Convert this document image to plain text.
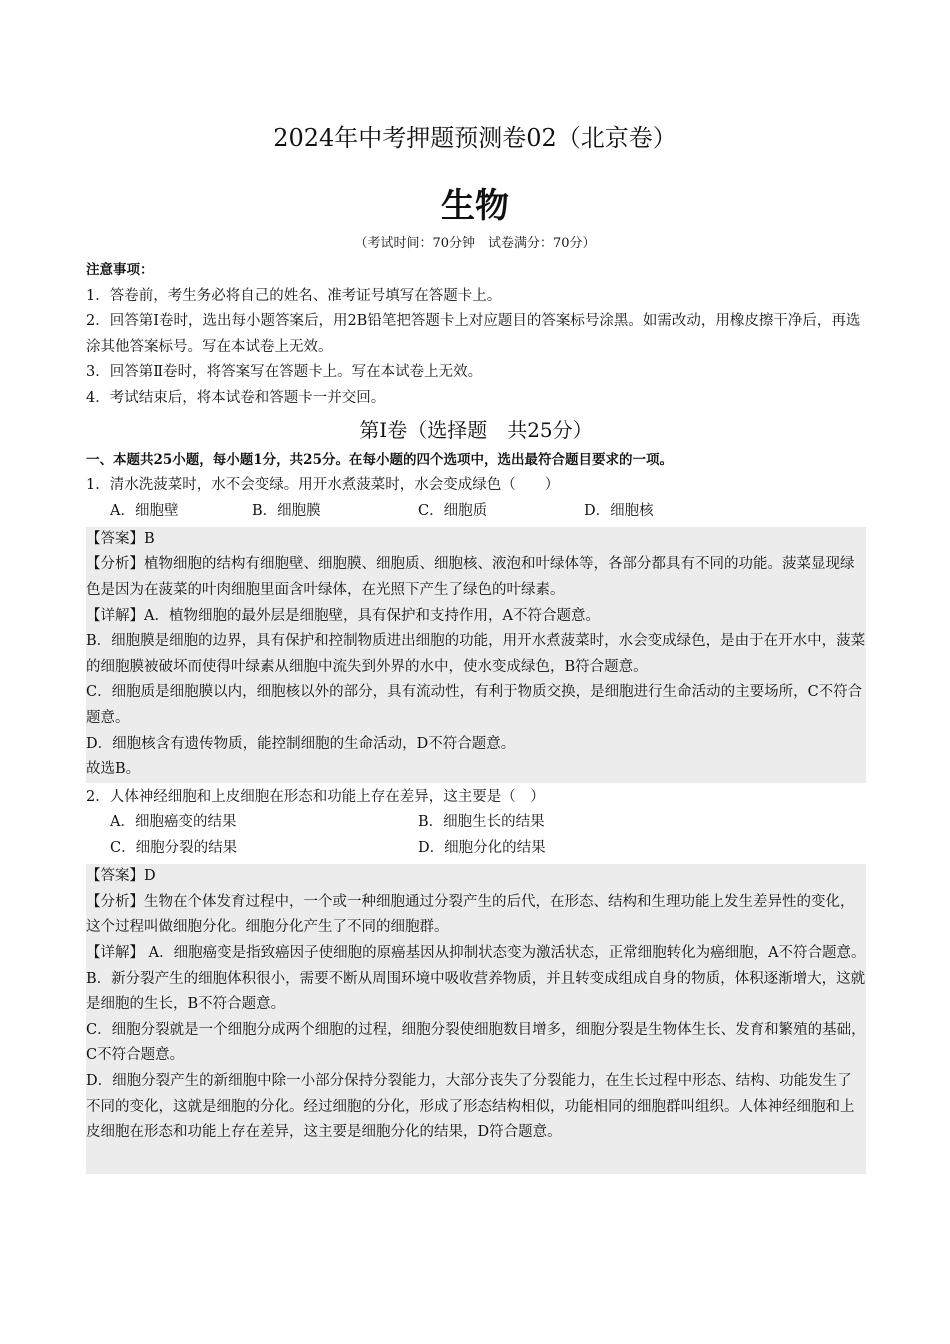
2024年中考押题预测卷02（北京卷）
生物
（考试时间：70分钟　试卷满分：70分）
注意事项：
1．答卷前，考生务必将自己的姓名、准考证号填写在答题卡上。
2．回答第Ⅰ卷时，选出每小题答案后，用2B铅笔把答题卡上对应题目的答案标号涂黑。如需改动，用橡皮擦干净后，再选涂其他答案标号。写在本试卷上无效。
3．回答第Ⅱ卷时，将答案写在答题卡上。写在本试卷上无效。
4．考试结束后，将本试卷和答题卡一并交回。
第Ⅰ卷（选择题　共25分）
一、本题共25小题，每小题1分，共25分。在每小题的四个选项中，选出最符合题目要求的一项。
1．清水洗菠菜时，水不会变绿。用开水煮菠菜时，水会变成绿色（　　）
A．细胞壁	B．细胞膜	C．细胞质	D．细胞核
【答案】B
【分析】植物细胞的结构有细胞壁、细胞膜、细胞质、细胞核、液泡和叶绿体等，各部分都具有不同的功能。菠菜显现绿色是因为在菠菜的叶肉细胞里面含叶绿体，在光照下产生了绿色的叶绿素。
【详解】A．植物细胞的最外层是细胞壁，具有保护和支持作用，A不符合题意。
B．细胞膜是细胞的边界，具有保护和控制物质进出细胞的功能，用开水煮菠菜时，水会变成绿色，是由于在开水中，菠菜的细胞膜被破坏而使得叶绿素从细胞中流失到外界的水中，使水变成绿色，B符合题意。
C．细胞质是细胞膜以内，细胞核以外的部分，具有流动性，有利于物质交换，是细胞进行生命活动的主要场所，C不符合题意。
D．细胞核含有遗传物质，能控制细胞的生命活动，D不符合题意。
故选B。
2．人体神经细胞和上皮细胞在形态和功能上存在差异，这主要是（　）
A．细胞癌变的结果	B．细胞生长的结果
C．细胞分裂的结果	D．细胞分化的结果
【答案】D
【分析】生物在个体发育过程中，一个或一种细胞通过分裂产生的后代，在形态、结构和生理功能上发生差异性的变化，这个过程叫做细胞分化。细胞分化产生了不同的细胞群。
【详解】 A．细胞癌变是指致癌因子使细胞的原癌基因从抑制状态变为激活状态，正常细胞转化为癌细胞，A不符合题意。
B．新分裂产生的细胞体积很小，需要不断从周围环境中吸收营养物质，并且转变成组成自身的物质，体积逐渐增大，这就是细胞的生长，B不符合题意。
C．细胞分裂就是一个细胞分成两个细胞的过程，细胞分裂使细胞数目增多，细胞分裂是生物体生长、发育和繁殖的基础，C不符合题意。
D．细胞分裂产生的新细胞中除一小部分保持分裂能力，大部分丧失了分裂能力，在生长过程中形态、结构、功能发生了不同的变化，这就是细胞的分化。经过细胞的分化，形成了形态结构相似，功能相同的细胞群叫组织。人体神经细胞和上皮细胞在形态和功能上存在差异，这主要是细胞分化的结果，D符合题意。
